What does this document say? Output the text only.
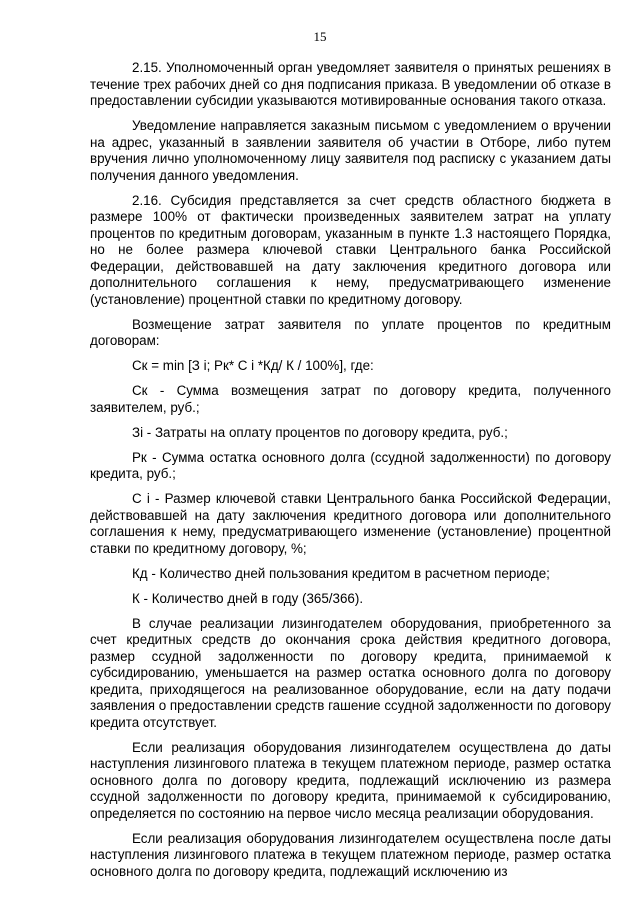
15

2.15. Уполномоченный орган уведомляет заявителя о принятых решениях в течение трех рабочих дней со дня подписания приказа. В уведомлении об отказе в предоставлении субсидии указываются мотивированные основания такого отказа.

Уведомление направляется заказным письмом с уведомлением о вручении на адрес, указанный в заявлении заявителя об участии в Отборе, либо путем вручения лично уполномоченному лицу заявителя под расписку с указанием даты получения данного уведомления.

2.16. Субсидия представляется за счет средств областного бюджета в размере 100% от фактически произведенных заявителем затрат на уплату процентов по кредитным договорам, указанным в пункте 1.3 настоящего Порядка, но не более размера ключевой ставки Центрального банка Российской Федерации, действовавшей на дату заключения кредитного договора или дополнительного соглашения к нему, предусматривающего изменение (установление) процентной ставки по кредитному договору.

Возмещение затрат заявителя по уплате процентов по кредитным договорам:

Ск = min [З i; Рк* С i *Кд/ К / 100%], где:

Ск - Сумма возмещения затрат по договору кредита, полученного заявителем, руб.;

Зi - Затраты на оплату процентов по договору кредита, руб.;

Рк - Сумма остатка основного долга (ссудной задолженности) по договору кредита, руб.;

С i - Размер ключевой ставки Центрального банка Российской Федерации, действовавшей на дату заключения кредитного договора или дополнительного соглашения к нему, предусматривающего изменение (установление) процентной ставки по кредитному договору, %;

Кд - Количество дней пользования кредитом в расчетном периоде;

К - Количество дней в году (365/366).

В случае реализации лизингодателем оборудования, приобретенного за счет кредитных средств до окончания срока действия кредитного договора, размер ссудной задолженности по договору кредита, принимаемой к субсидированию, уменьшается на размер остатка основного долга по договору кредита, приходящегося на реализованное оборудование, если на дату подачи заявления о предоставлении средств гашение ссудной задолженности по договору кредита отсутствует.

Если реализация оборудования лизингодателем осуществлена до даты наступления лизингового платежа в текущем платежном периоде, размер остатка основного долга по договору кредита, подлежащий исключению из размера ссудной задолженности по договору кредита, принимаемой к субсидированию, определяется по состоянию на первое число месяца реализации оборудования.

Если реализация оборудования лизингодателем осуществлена после даты наступления лизингового платежа в текущем платежном периоде, размер остатка основного долга по договору кредита, подлежащий исключению из
